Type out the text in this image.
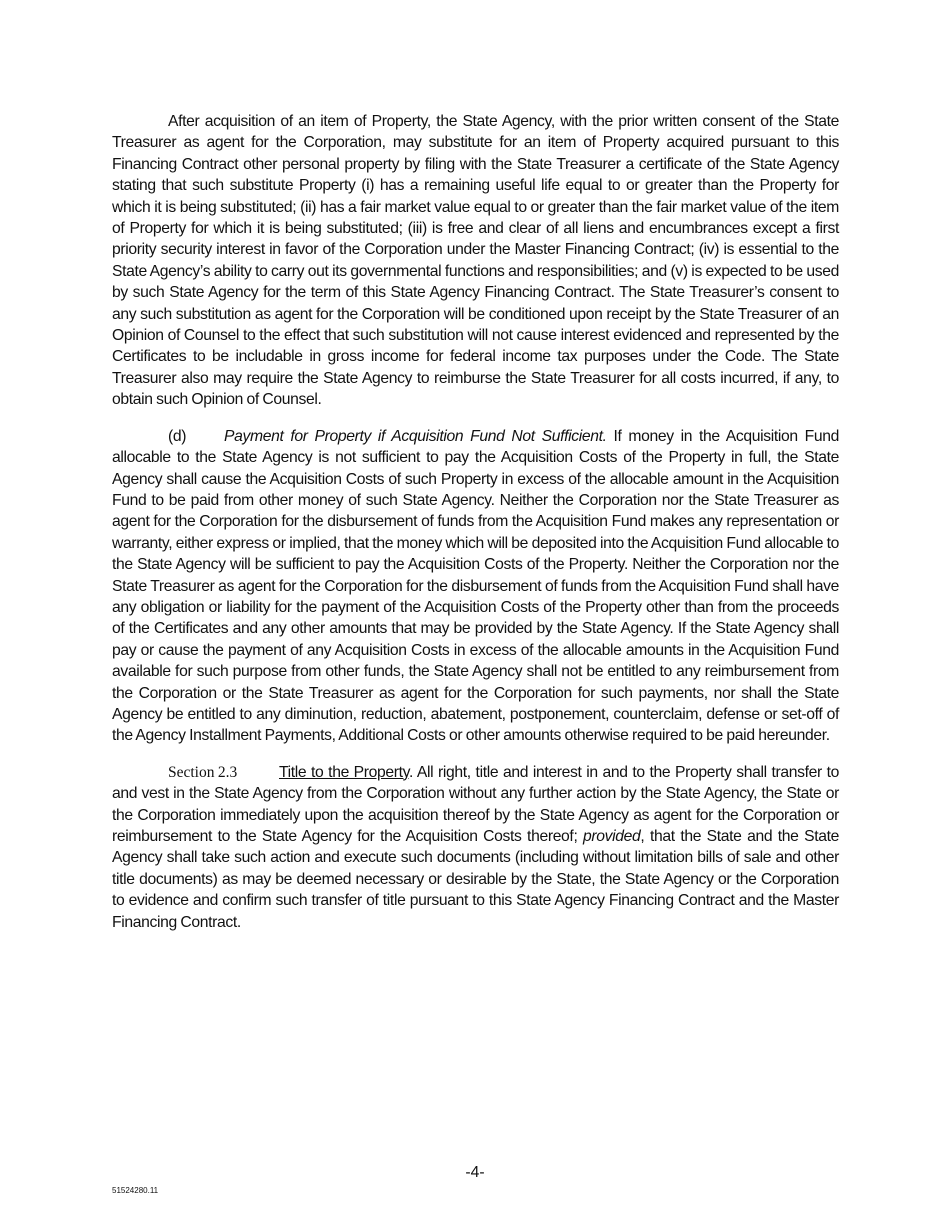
After acquisition of an item of Property, the State Agency, with the prior written consent of the State Treasurer as agent for the Corporation, may substitute for an item of Property acquired pursuant to this Financing Contract other personal property by filing with the State Treasurer a certificate of the State Agency stating that such substitute Property (i) has a remaining useful life equal to or greater than the Property for which it is being substituted; (ii) has a fair market value equal to or greater than the fair market value of the item of Property for which it is being substituted; (iii) is free and clear of all liens and encumbrances except a first priority security interest in favor of the Corporation under the Master Financing Contract; (iv) is essential to the State Agency’s ability to carry out its governmental functions and responsibilities; and (v) is expected to be used by such State Agency for the term of this State Agency Financing Contract. The State Treasurer’s consent to any such substitution as agent for the Corporation will be conditioned upon receipt by the State Treasurer of an Opinion of Counsel to the effect that such substitution will not cause interest evidenced and represented by the Certificates to be includable in gross income for federal income tax purposes under the Code. The State Treasurer also may require the State Agency to reimburse the State Treasurer for all costs incurred, if any, to obtain such Opinion of Counsel.

(d) Payment for Property if Acquisition Fund Not Sufficient. If money in the Acquisition Fund allocable to the State Agency is not sufficient to pay the Acquisition Costs of the Property in full, the State Agency shall cause the Acquisition Costs of such Property in excess of the allocable amount in the Acquisition Fund to be paid from other money of such State Agency. Neither the Corporation nor the State Treasurer as agent for the Corporation for the disbursement of funds from the Acquisition Fund makes any representation or warranty, either express or implied, that the money which will be deposited into the Acquisition Fund allocable to the State Agency will be sufficient to pay the Acquisition Costs of the Property. Neither the Corporation nor the State Treasurer as agent for the Corporation for the disbursement of funds from the Acquisition Fund shall have any obligation or liability for the payment of the Acquisition Costs of the Property other than from the proceeds of the Certificates and any other amounts that may be provided by the State Agency. If the State Agency shall pay or cause the payment of any Acquisition Costs in excess of the allocable amounts in the Acquisition Fund available for such purpose from other funds, the State Agency shall not be entitled to any reimbursement from the Corporation or the State Treasurer as agent for the Corporation for such payments, nor shall the State Agency be entitled to any diminution, reduction, abatement, postponement, counterclaim, defense or set-off of the Agency Installment Payments, Additional Costs or other amounts otherwise required to be paid hereunder.

Section 2.3	Title to the Property. All right, title and interest in and to the Property shall transfer to and vest in the State Agency from the Corporation without any further action by the State Agency, the State or the Corporation immediately upon the acquisition thereof by the State Agency as agent for the Corporation or reimbursement to the State Agency for the Acquisition Costs thereof; provided, that the State and the State Agency shall take such action and execute such documents (including without limitation bills of sale and other title documents) as may be deemed necessary or desirable by the State, the State Agency or the Corporation to evidence and confirm such transfer of title pursuant to this State Agency Financing Contract and the Master Financing Contract.

-4-
51524280.11
